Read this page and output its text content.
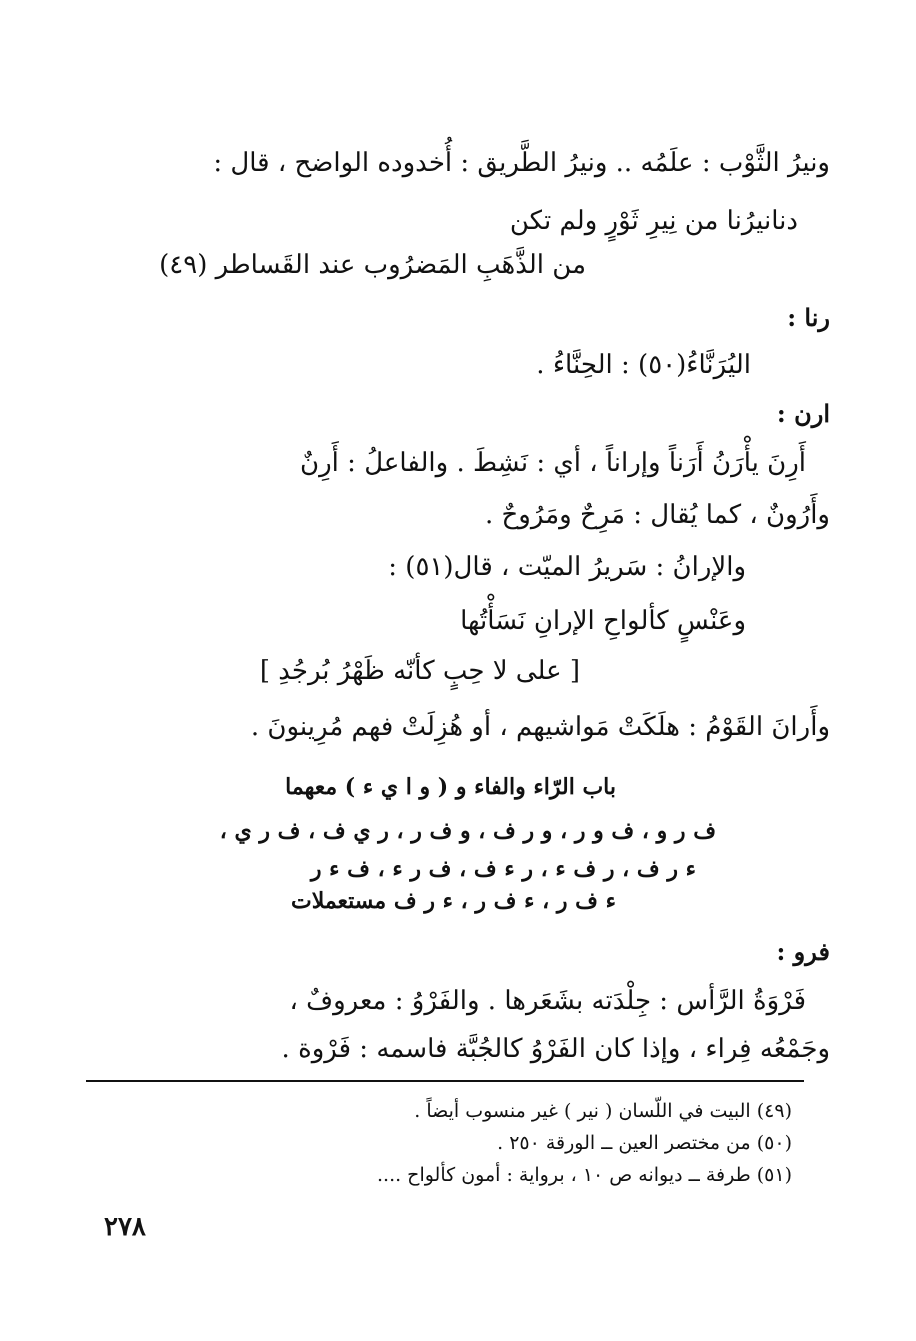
ونيرُ الثَّوْب : علَمُه .. ونيرُ الطَّريق : أُخدوده الواضح ، قال :
دنانيرُنا من نِيرِ ثَوْرٍ ولم تكن
من الذَّهَبِ المَضرُوب عند القَساطر (٤٩)
رنا :
اليُرَنَّاءُ(٥٠) : الحِنَّاءُ .
ارن :
أَرِنَ يأْرَنُ أَرَناً وإراناً ، أي : نَشِطَ . والفاعلُ : أَرِنٌ
وأَرُونٌ ، كما يُقال : مَرِحٌ ومَرُوحٌ .
والإرانُ : سَريرُ الميّت ، قال(٥١) :
وعَنْسٍ كألواحِ الإرانِ نَسَأْتُها
[ على لا حِبٍ كأنّه ظَهْرُ بُرجُدِ ]
وأَرانَ القَوْمُ : هلَكَتْ مَواشيهم ، أو هُزِلَتْ فهم مُرِينونَ .
باب الرّاء والفاء و ( و ا ي ء ) معهما
ف ر و ، ف و ر ، و ر ف ، و ف ر ، ر ي ف ، ف ر ي ،
ء ر ف ، ر ف ء ، ر ء ف ، ف ر ء ، ف ء ر
ء ف ر ، ء ف ر ، ء ر ف مستعملات
فرو :
فَرْوَةُ الرَّأس : جِلْدَته بشَعَرها . والفَرْوُ : معروفٌ ،
وجَمْعُه فِراء ، وإذا كان الفَرْوُ كالجُبَّة فاسمه : فَرْوة .
(٤٩) البيت في اللّسان ( نير ) غير منسوب أيضاً .
(٥٠) من مختصر العين ــ الورقة ٢٥٠ .
(٥١) طرفة ــ ديوانه ص ١٠ ، برواية : أمون كألواح ....
٢٧٨
